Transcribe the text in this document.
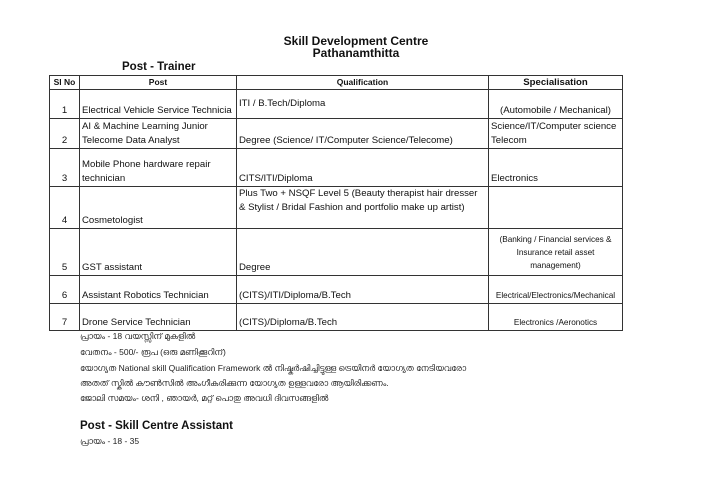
Skill Development Centre
Pathanamthitta
Post - Trainer
Sl No	Post	Qualification	Specialisation
1	Electrical Vehicle Service Technicia	ITI / B.Tech/Diploma	(Automobile / Mechanical)
2	AI & Machine Learning Junior Telecome Data Analyst	Degree (Science/ IT/Computer Science/Telecome)	Science/IT/Computer science Telecom
3	Mobile Phone hardware repair technician	CITS/ITI/Diploma	Electronics
4	Cosmetologist	Plus Two + NSQF Level 5 (Beauty therapist hair dresser & Stylist / Bridal Fashion and portfolio make up artist)	
5	GST assistant	Degree	(Banking / Financial services & Insurance retail asset management)
6	Assistant Robotics Technician	(CITS)/ITI/Diploma/B.Tech	Electrical/Electronics/Mechanical
7	Drone Service Technician	(CITS)/Diploma/B.Tech	Electronics /Aeronotics
പ്രായം - 18 വയസ്സിന് മുകളിൽ
വേതനം - 500/- രൂപ (ഒരു മണിക്കൂറിന്)
യോഗ്യത National skill Qualification Framework ൽ നിഷ്കർഷിച്ചിട്ടുള്ള ട്രെയിനർ യോഗ്യത നേടിയവരോ
അതത് സ്കിൽ കൗൺസിൽ അംഗീകരിക്കുന്ന യോഗ്യത ഉള്ളവരോ ആയിരിക്കണം.
ജോലി സമയം- ശനി , ഞായർ, മറ്റ് പൊതു അവധി ദിവസങ്ങളിൽ
Post - Skill Centre Assistant
പ്രായം - 18 - 35
